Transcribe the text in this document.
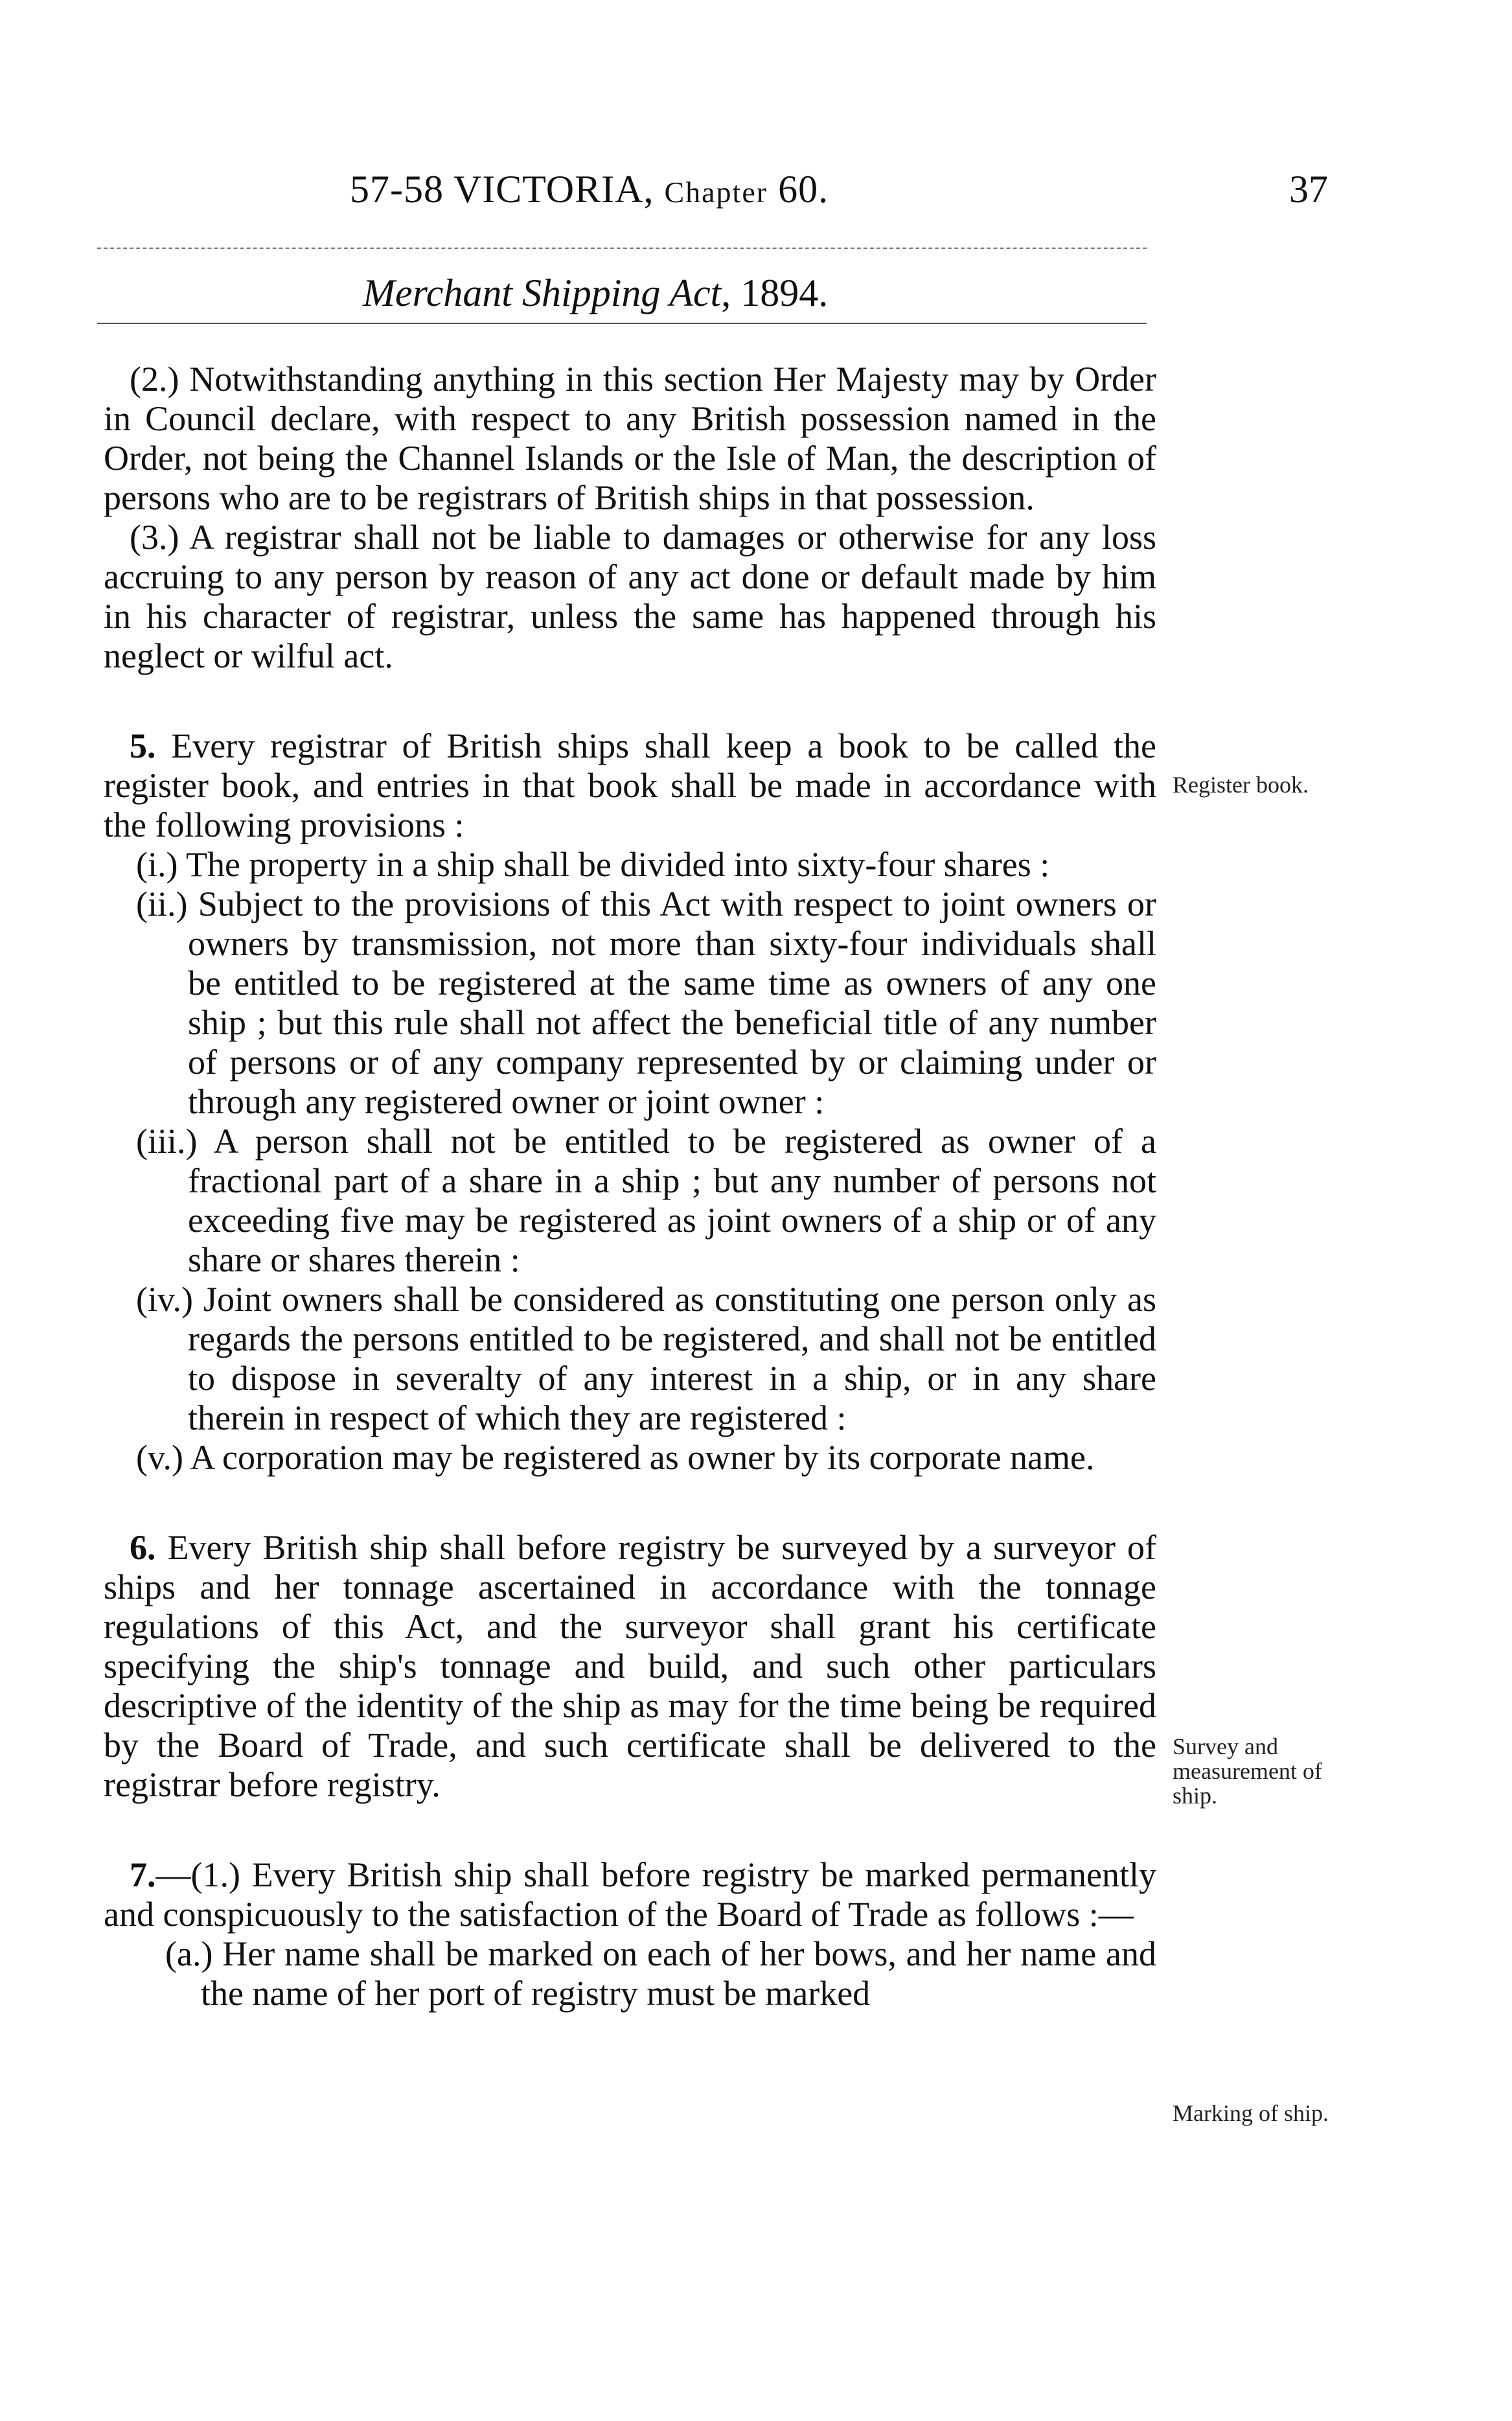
57-58 VICTORIA, Chapter 60.	37
Merchant Shipping Act, 1894.

(2.) Notwithstanding anything in this section Her Majesty may by Order in Council declare, with respect to any British possession named in the Order, not being the Channel Islands or the Isle of Man, the description of persons who are to be registrars of British ships in that possession.

(3.) A registrar shall not be liable to damages or otherwise for any loss accruing to any person by reason of any act done or default made by him in his character of registrar, unless the same has happened through his neglect or wilful act.

5. Every registrar of British ships shall keep a book to be called the register book, and entries in that book shall be made in accordance with the following provisions :

(i.) The property in a ship shall be divided into sixty-four shares :

(ii.) Subject to the provisions of this Act with respect to joint owners or owners by transmission, not more than sixty-four individuals shall be entitled to be registered at the same time as owners of any one ship ; but this rule shall not affect the beneficial title of any number of persons or of any company represented by or claiming under or through any registered owner or joint owner :

(iii.) A person shall not be entitled to be registered as owner of a fractional part of a share in a ship ; but any number of persons not exceeding five may be registered as joint owners of a ship or of any share or shares therein :

(iv.) Joint owners shall be considered as constituting one person only as regards the persons entitled to be registered, and shall not be entitled to dispose in severalty of any interest in a ship, or in any share therein in respect of which they are registered :

(v.) A corporation may be registered as owner by its corporate name.

6. Every British ship shall before registry be surveyed by a surveyor of ships and her tonnage ascertained in accordance with the tonnage regulations of this Act, and the surveyor shall grant his certificate specifying the ship's tonnage and build, and such other particulars descriptive of the identity of the ship as may for the time being be required by the Board of Trade, and such certificate shall be delivered to the registrar before registry.

7.—(1.) Every British ship shall before registry be marked permanently and conspicuously to the satisfaction of the Board of Trade as follows :—

(a.) Her name shall be marked on each of her bows, and her name and the name of her port of registry must be marked

Register book.
Survey and measurement of ship.
Marking of ship.
